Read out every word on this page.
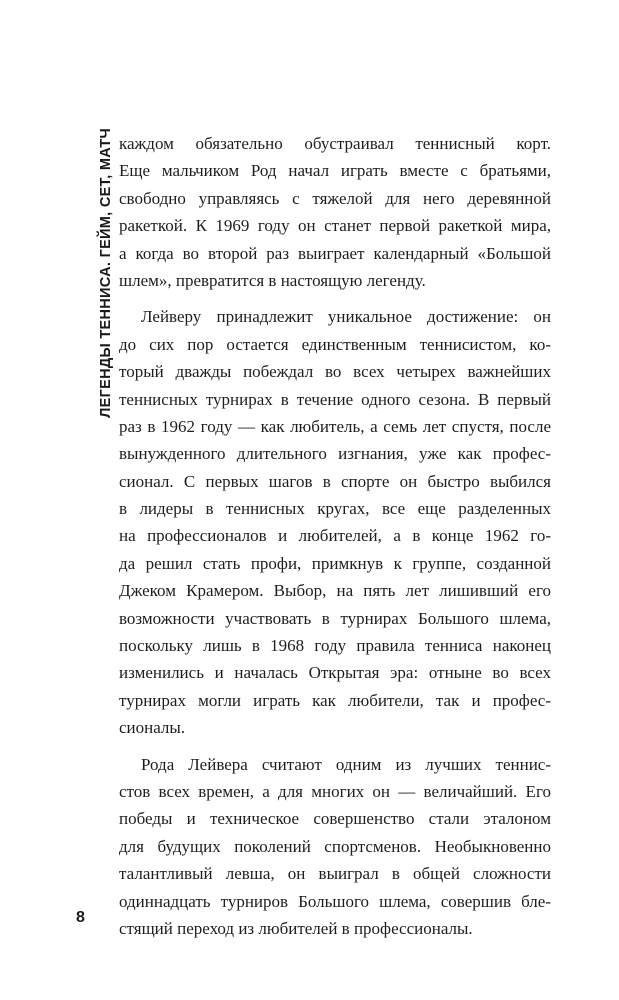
ЛЕГЕНДЫ ТЕННИСА. ГЕЙМ, СЕТ, МАТЧ каждом обязательно обустраивал теннисный корт.
Еще мальчиком Род начал играть вместе с братьями,
свободно управляясь с тяжелой для него деревянной
ракеткой. К 1969 году он станет первой ракеткой мира,
а когда во второй раз выиграет календарный «Большой
шлем», превратится в настоящую легенду.
Лейверу принадлежит уникальное достижение: он
до сих пор остается единственным теннисистом, ко-
торый дважды побеждал во всех четырех важнейших
теннисных турнирах в течение одного сезона. В первый
раз в 1962 году — как любитель, а семь лет спустя, после
вынужденного длительного изгнания, уже как профес-
сионал. С первых шагов в спорте он быстро выбился
в лидеры в теннисных кругах, все еще разделенных
на профессионалов и любителей, а в конце 1962 го-
да решил стать профи, примкнув к группе, созданной
Джеком Крамером. Выбор, на пять лет лишивший его
возможности участвовать в турнирах Большого шлема,
поскольку лишь в 1968 году правила тенниса наконец
изменились и началась Открытая эра: отныне во всех
турнирах могли играть как любители, так и профес-
сионалы.
Рода Лейвера считают одним из лучших теннис-
стов всех времен, а для многих он — величайший. Его
победы и техническое совершенство стали эталоном
для будущих поколений спортсменов. Необыкновенно
талантливый левша, он выиграл в общей сложности
одиннадцать турниров Большого шлема, совершив бле-
стящий переход из любителей в профессионалы.
8
